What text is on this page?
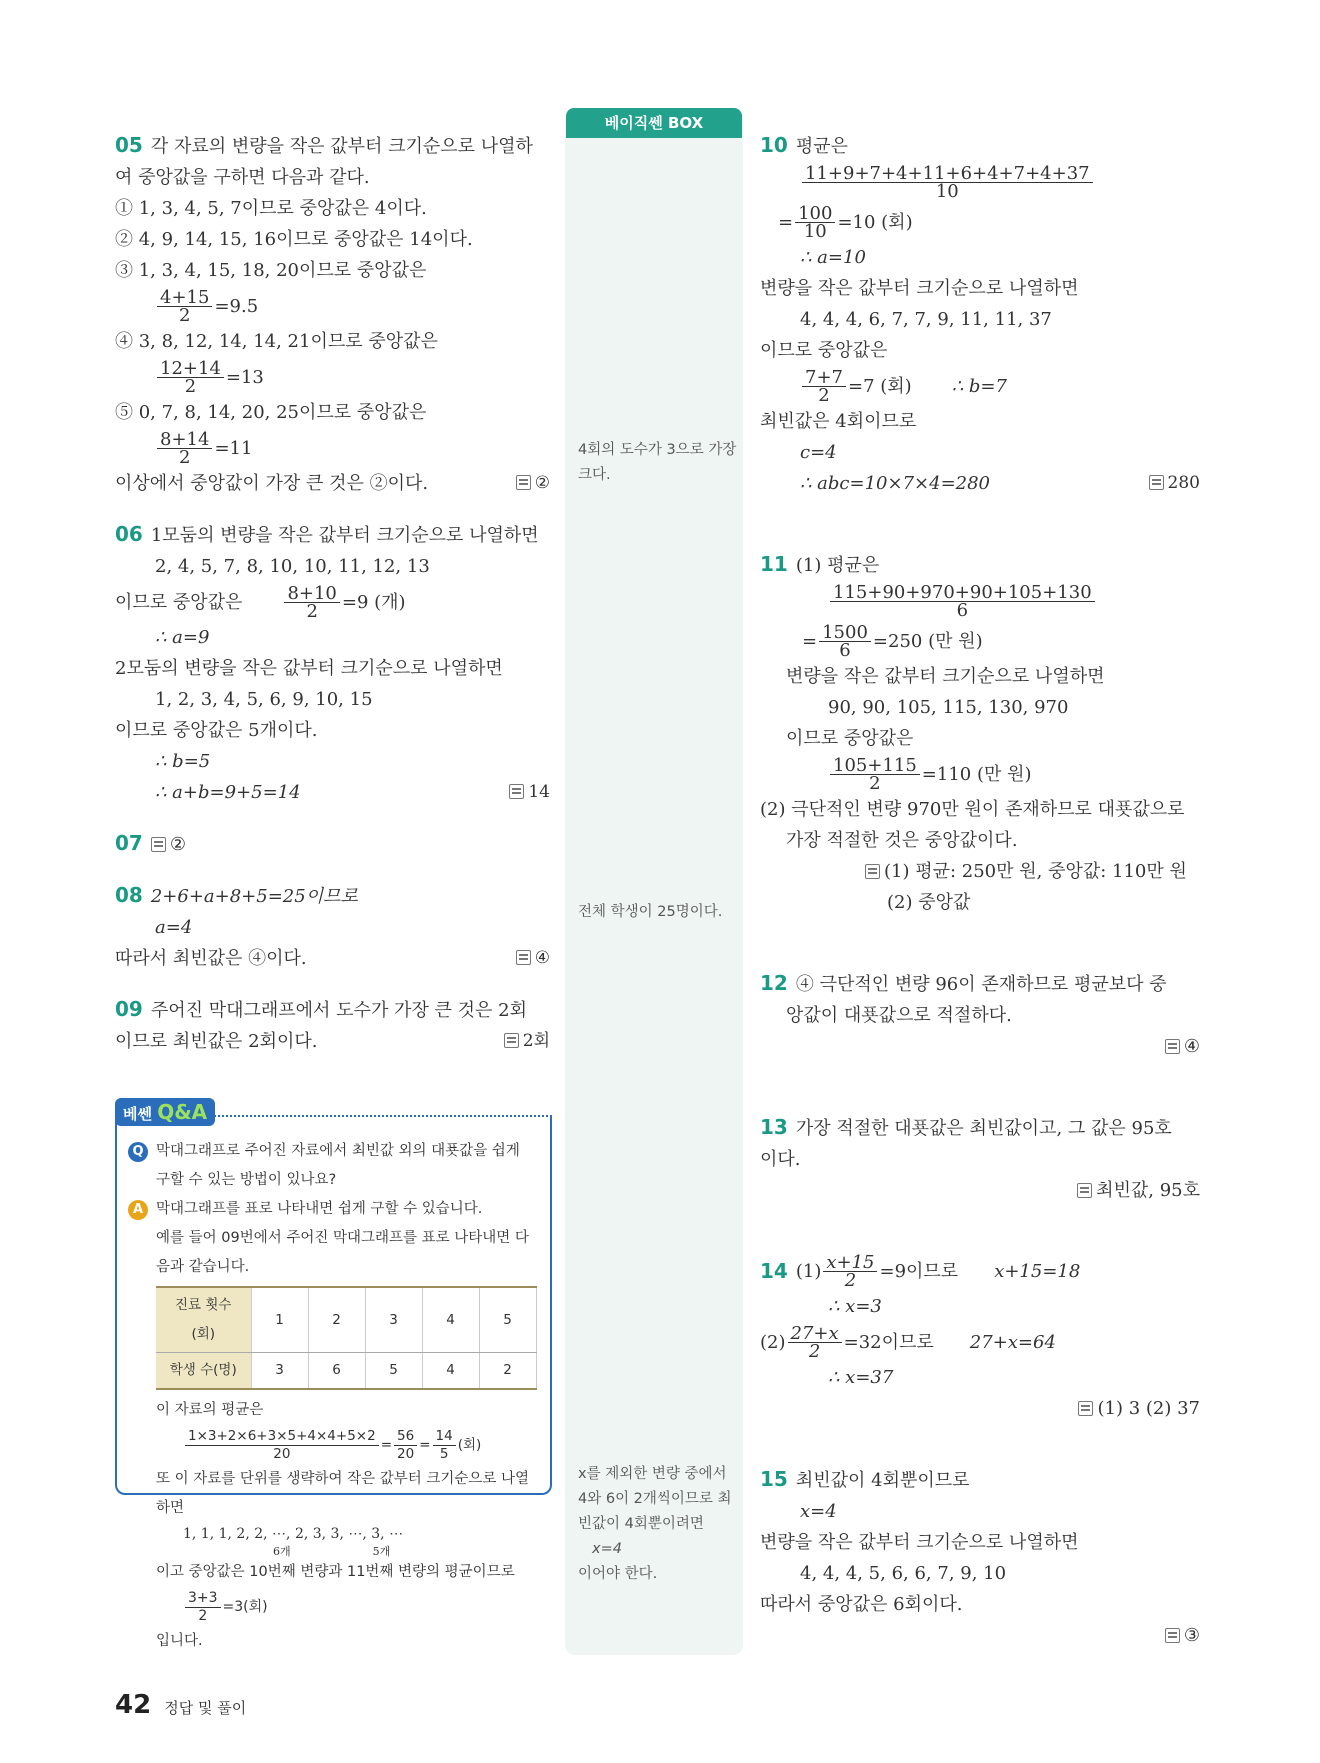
베이직쎈 BOX
4회의 도수가 3으로 가장 크다.
전체 학생이 25명이다.
x를 제외한 변량 중에서 4와 6이 2개씩이므로 최빈값이 4회뿐이려면
x=4
이어야 한다.
05 각 자료의 변량을 작은 값부터 크기순으로 나열하
여 중앙값을 구하면 다음과 같다.
① 1, 3, 4, 5, 7이므로 중앙값은 4이다.
② 4, 9, 14, 15, 16이므로 중앙값은 14이다.
③ 1, 3, 4, 15, 18, 20이므로 중앙값은
$\frac{4+15}{2} =9.5$
④ 3, 8, 12, 14, 14, 21이므로 중앙값은
$\frac{12+14}{2} =13$
⑤ 0, 7, 8, 14, 20, 25이므로 중앙값은
$\frac{8+14}{2} =11$
이상에서 중앙값이 가장 큰 것은 ②이다.	②
06 1모둠의 변량을 작은 값부터 크기순으로 나열하면
2, 4, 5, 7, 8, 10, 10, 11, 12, 13
이므로 중앙값은 $\frac{8+10}{2} =9$ (개)
∴ a=9
2모둠의 변량을 작은 값부터 크기순으로 나열하면
1, 2, 3, 4, 5, 6, 9, 10, 15
이므로 중앙값은 5개이다.
∴ b=5
∴ a+b=9+5=14	14
07 ②
08 2+6+a+8+5=25이므로
a=4
따라서 최빈값은 ④이다.	④
09 주어진 막대그래프에서 도수가 가장 큰 것은 2회
이므로 최빈값은 2회이다.	2회
베쎈 Q&A
Q 막대그래프로 주어진 자료에서 최빈값 외의 대푯값을 쉽게
구할 수 있는 방법이 있나요?
A 막대그래프를 표로 나타내면 쉽게 구할 수 있습니다.
예를 들어 09번에서 주어진 막대그래프를 표로 나타내면 다
음과 같습니다.
진료 횟수(회)	1	2	3	4	5
학생 수(명)	3	6	5	4	2
이 자료의 평균은
$\frac{1\times 3+2\times 6+3\times 5+4\times 4+5\times 2}{20} = \frac{56}{20} = \frac{14}{5}$ (회)
또 이 자료를 단위를 생략하여 작은 값부터 크기순으로 나열
하면
1, 1, 1, 2, 2, ⋯, 2, 3, 3, ⋯, 3, ⋯
6개	5개
이고 중앙값은 10번째 변량과 11번째 변량의 평균이므로
$\frac{3+3}{2} =3$(회)
입니다.
10 평균은
$\frac{11+9+7+4+11+6+4+7+4+37}{10}$
= $\frac{100}{10} =10$ (회)
∴ a=10
변량을 작은 값부터 크기순으로 나열하면
4, 4, 4, 6, 7, 7, 9, 11, 11, 37
이므로 중앙값은
$\frac{7+7}{2} =7$ (회) ∴ b=7
최빈값은 4회이므로
c=4
∴ abc=10×7×4=280	280
11 (1) 평균은
$\frac{115+90+970+90+105+130}{6}$
= $\frac{1500}{6} =250$ (만 원)
변량을 작은 값부터 크기순으로 나열하면
90, 90, 105, 115, 130, 970
이므로 중앙값은
$\frac{105+115}{2} =110$ (만 원)
(2) 극단적인 변량 970만 원이 존재하므로 대푯값으로
가장 적절한 것은 중앙값이다.
(1) 평균: 250만 원, 중앙값: 110만 원
(2) 중앙값
12 ④ 극단적인 변량 96이 존재하므로 평균보다 중
앙값이 대푯값으로 적절하다.
④
13 가장 적절한 대푯값은 최빈값이고, 그 값은 95호
이다.
최빈값, 95호
14 $(1) \frac{x+15}{2} =9$이므로 x+15=18
∴ x=3
$(2) \frac{27+x}{2} =32$이므로 27+x=64
∴ x=37
(1) 3 (2) 37
15 최빈값이 4회뿐이므로
x=4
변량을 작은 값부터 크기순으로 나열하면
4, 4, 4, 5, 6, 6, 7, 9, 10
따라서 중앙값은 6회이다.
③
42 정답 및 풀이
